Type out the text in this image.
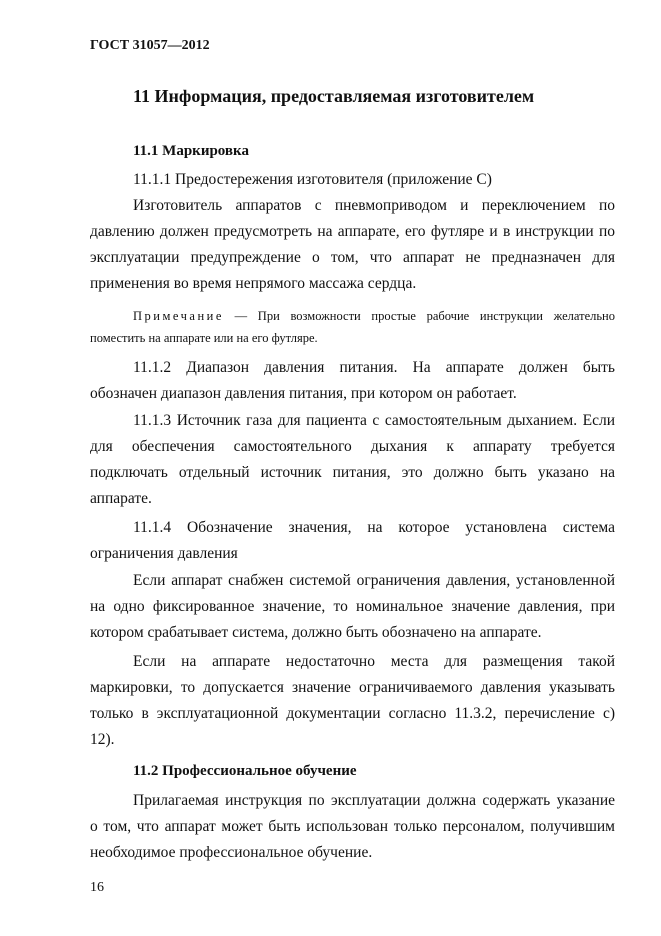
ГОСТ 31057—2012
11 Информация, предоставляемая изготовителем
11.1 Маркировка
11.1.1 Предостережения изготовителя (приложение С)
Изготовитель аппаратов с пневмоприводом и переключением по
давлению должен предусмотреть на аппарате, его футляре и в инструкции по
эксплуатации предупреждение о том, что аппарат не предназначен для
применения во время непрямого массажа сердца.
Примечание — При возможности простые рабочие инструкции желательно
поместить на аппарате или на его футляре.
11.1.2 Диапазон давления питания. На аппарате должен быть
обозначен диапазон давления питания, при котором он работает.
11.1.3 Источник газа для пациента с самостоятельным дыханием. Если
для обеспечения самостоятельного дыхания к аппарату требуется
подключать отдельный источник питания, это должно быть указано на
аппарате.
11.1.4 Обозначение значения, на которое установлена система
ограничения давления
Если аппарат снабжен системой ограничения давления, установленной
на одно фиксированное значение, то номинальное значение давления, при
котором срабатывает система, должно быть обозначено на аппарате.
Если на аппарате недостаточно места для размещения такой
маркировки, то допускается значение ограничиваемого давления указывать
только в эксплуатационной документации согласно 11.3.2, перечисление с)
12).
11.2 Профессиональное обучение
Прилагаемая инструкция по эксплуатации должна содержать указание
о том, что аппарат может быть использован только персоналом, получившим
необходимое профессиональное обучение.
16
